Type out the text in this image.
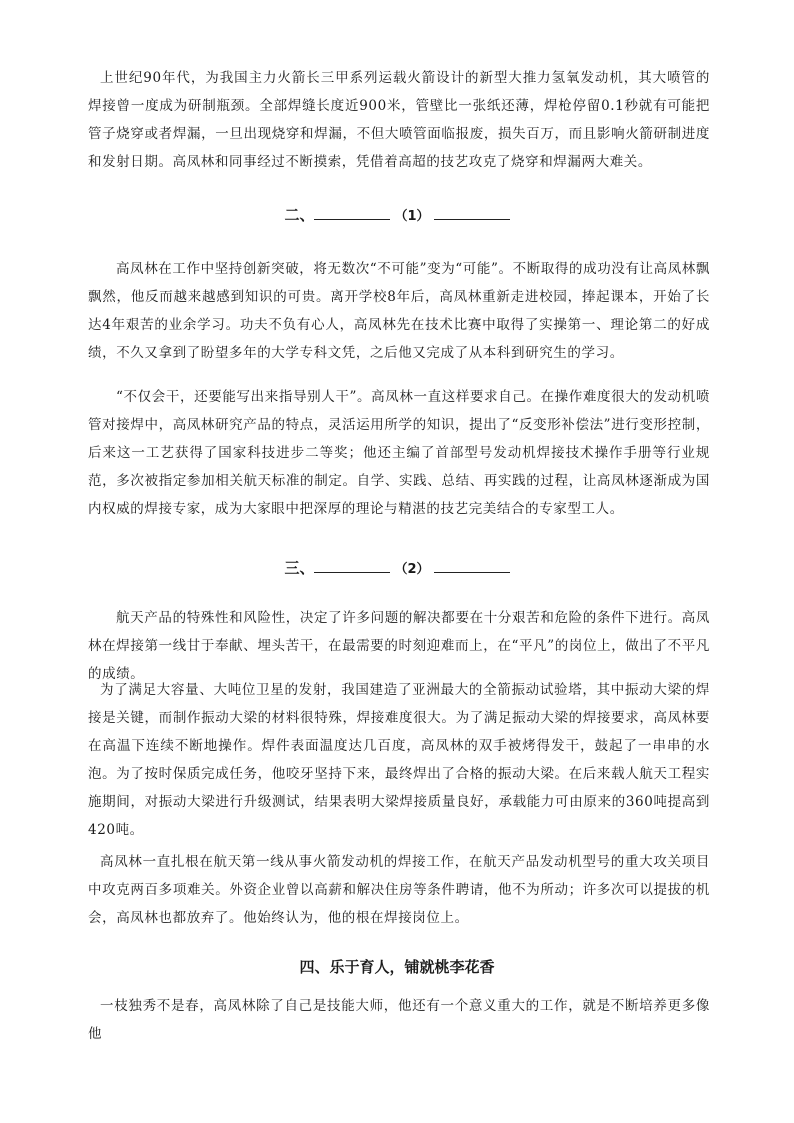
上世纪90年代，为我国主力火箭长三甲系列运载火箭设计的新型大推力氢氧发动机，其大喷管的焊接曾一度成为研制瓶颈。全部焊缝长度近900米，管壁比一张纸还薄，焊枪停留0.1秒就有可能把管子烧穿或者焊漏，一旦出现烧穿和焊漏，不但大喷管面临报废，损失百万，而且影响火箭研制进度和发射日期。高凤林和同事经过不断摸索，凭借着高超的技艺攻克了烧穿和焊漏两大难关。

二、	（1）

高凤林在工作中坚持创新突破，将无数次“不可能”变为“可能”。不断取得的成功没有让高凤林飘飘然，他反而越来越感到知识的可贵。离开学校8年后，高凤林重新走进校园，捧起课本，开始了长达4年艰苦的业余学习。功夫不负有心人，高凤林先在技术比赛中取得了实操第一、理论第二的好成绩，不久又拿到了盼望多年的大学专科文凭，之后他又完成了从本科到研究生的学习。

“不仅会干，还要能写出来指导别人干”。高凤林一直这样要求自己。在操作难度很大的发动机喷管对接焊中，高凤林研究产品的特点，灵活运用所学的知识，提出了“反变形补偿法”进行变形控制，后来这一工艺获得了国家科技进步二等奖；他还主编了首部型号发动机焊接技术操作手册等行业规范，多次被指定参加相关航天标准的制定。自学、实践、总结、再实践的过程，让高凤林逐渐成为国内权威的焊接专家，成为大家眼中把深厚的理论与精湛的技艺完美结合的专家型工人。

三、	（2）

航天产品的特殊性和风险性，决定了许多问题的解决都要在十分艰苦和危险的条件下进行。高凤林在焊接第一线甘于奉献、埋头苦干，在最需要的时刻迎难而上，在“平凡”的岗位上，做出了不平凡的成绩。

为了满足大容量、大吨位卫星的发射，我国建造了亚洲最大的全箭振动试验塔，其中振动大梁的焊接是关键，而制作振动大梁的材料很特殊，焊接难度很大。为了满足振动大梁的焊接要求，高凤林要在高温下连续不断地操作。焊件表面温度达几百度，高凤林的双手被烤得发干，鼓起了一串串的水泡。为了按时保质完成任务，他咬牙坚持下来，最终焊出了合格的振动大梁。在后来载人航天工程实施期间，对振动大梁进行升级测试，结果表明大梁焊接质量良好，承载能力可由原来的360吨提高到420吨。

高凤林一直扎根在航天第一线从事火箭发动机的焊接工作，在航天产品发动机型号的重大攻关项目中攻克两百多项难关。外资企业曾以高薪和解决住房等条件聘请，他不为所动；许多次可以提拔的机会，高凤林也都放弃了。他始终认为，他的根在焊接岗位上。

四、乐于育人，铺就桃李花香

一枝独秀不是春，高凤林除了自己是技能大师，他还有一个意义重大的工作，就是不断培养更多像他
